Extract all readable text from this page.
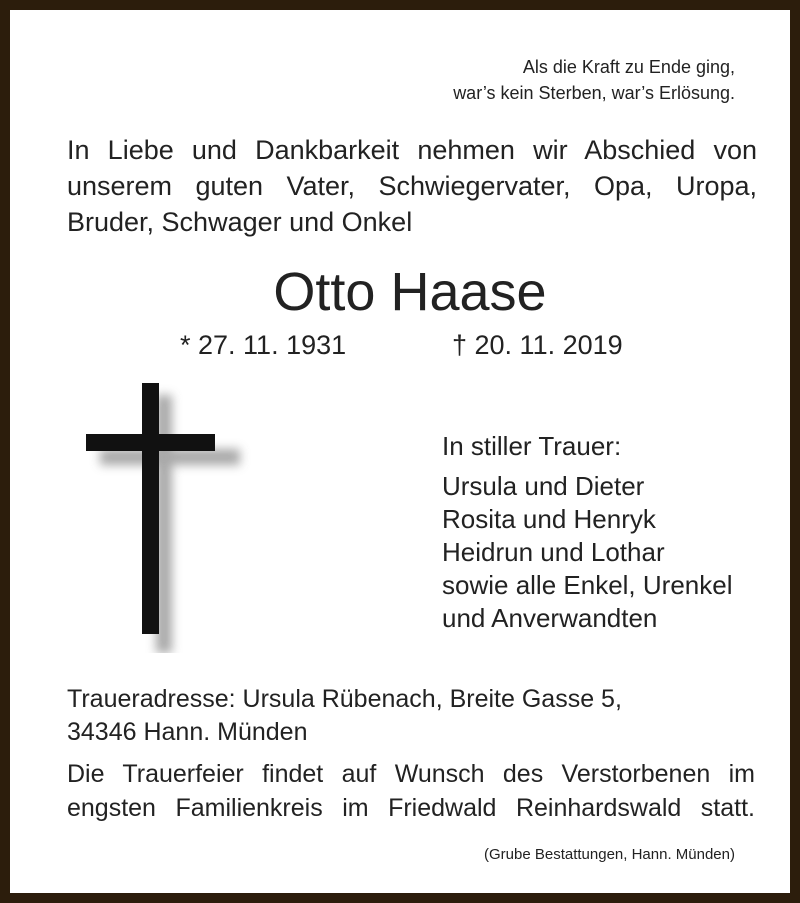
Als die Kraft zu Ende ging,
war’s kein Sterben, war’s Erlösung.
In Liebe und Dankbarkeit nehmen wir Abschied von
unserem guten Vater, Schwiegervater, Opa, Uropa,
Bruder, Schwager und Onkel
Otto Haase
* 27. 11. 1931	† 20. 11. 2019
In stiller Trauer:
Ursula und Dieter
Rosita und Henryk
Heidrun und Lothar
sowie alle Enkel, Urenkel
und Anverwandten
Traueradresse: Ursula Rübenach, Breite Gasse 5,
34346 Hann. Münden
Die Trauerfeier findet auf Wunsch des Verstorbenen im
engsten Familienkreis im Friedwald Reinhardswald statt.
(Grube Bestattungen, Hann. Münden)
